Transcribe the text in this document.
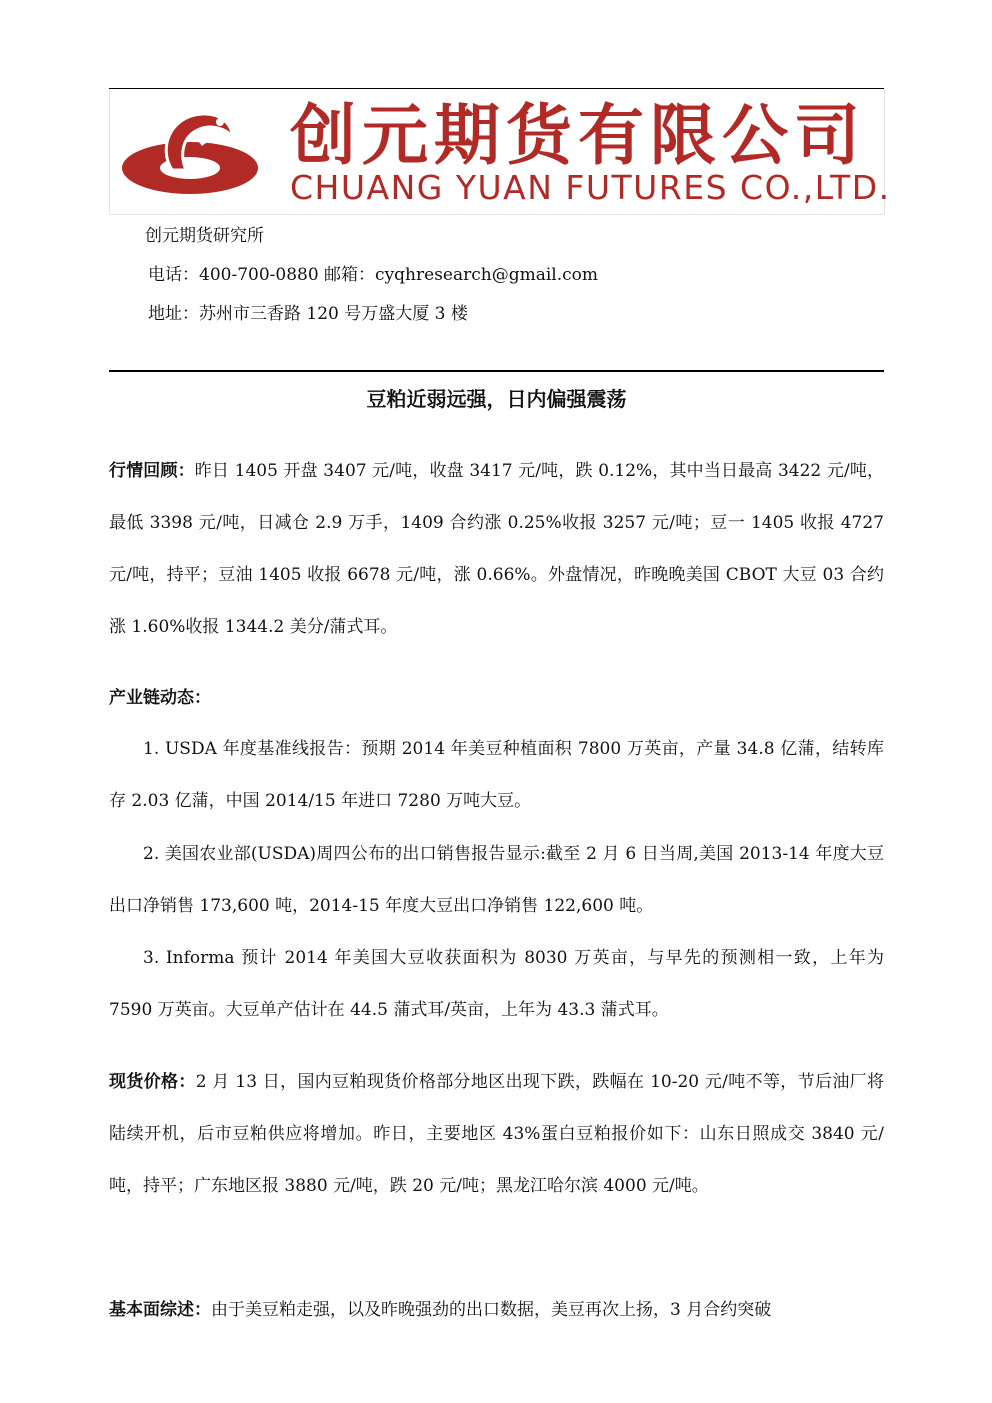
创元期货有限公司
CHUANG YUAN FUTURES CO.,LTD.
创元期货研究所
电话：400-700-0880 邮箱：cyqhresearch@gmail.com
地址：苏州市三香路 120 号万盛大厦 3 楼
豆粕近弱远强，日内偏强震荡

行情回顾：昨日 1405 开盘 3407 元/吨，收盘 3417 元/吨，跌 0.12%，其中当日最高 3422 元/吨，最低 3398 元/吨，日减仓 2.9 万手，1409 合约涨 0.25%收报 3257 元/吨；豆一 1405 收报 4727 元/吨，持平；豆油 1405 收报 6678 元/吨，涨 0.66%。外盘情况，昨晚晚美国 CBOT 大豆 03 合约涨 1.60%收报 1344.2 美分/蒲式耳。

产业链动态：

1. USDA 年度基准线报告：预期 2014 年美豆种植面积 7800 万英亩，产量 34.8 亿蒲，结转库存 2.03 亿蒲，中国 2014/15 年进口 7280 万吨大豆。

2. 美国农业部(USDA)周四公布的出口销售报告显示:截至 2 月 6 日当周,美国 2013-14 年度大豆出口净销售 173,600 吨，2014-15 年度大豆出口净销售 122,600 吨。

3. Informa 预计 2014 年美国大豆收获面积为 8030 万英亩，与早先的预测相一致，上年为 7590 万英亩。大豆单产估计在 44.5 蒲式耳/英亩，上年为 43.3 蒲式耳。

现货价格：2 月 13 日，国内豆粕现货价格部分地区出现下跌，跌幅在 10-20 元/吨不等，节后油厂将陆续开机，后市豆粕供应将增加。昨日，主要地区 43%蛋白豆粕报价如下：山东日照成交 3840 元/吨，持平；广东地区报 3880 元/吨，跌 20 元/吨；黑龙江哈尔滨 4000 元/吨。

基本面综述：由于美豆粕走强，以及昨晚强劲的出口数据，美豆再次上扬，3 月合约突破
